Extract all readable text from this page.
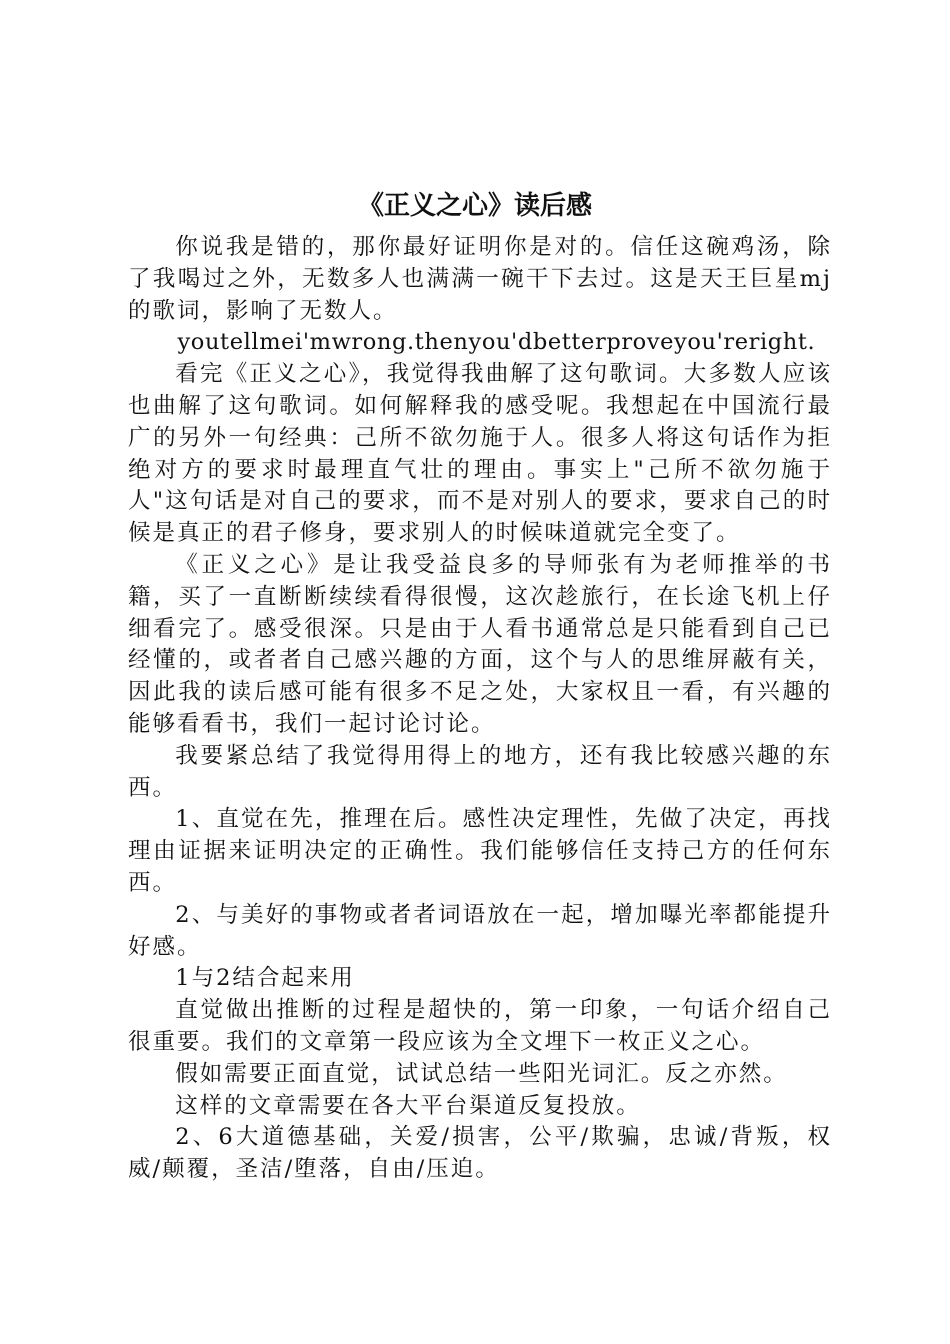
《正义之心》读后感

你说我是错的，那你最好证明你是对的。信任这碗鸡汤，除了我喝过之外，无数多人也满满一碗干下去过。这是天王巨星mj的歌词，影响了无数人。

youtellmei'mwrong.thenyou'dbetterproveyou'reright.

看完《正义之心》，我觉得我曲解了这句歌词。大多数人应该也曲解了这句歌词。如何解释我的感受呢。我想起在中国流行最广的另外一句经典：己所不欲勿施于人。很多人将这句话作为拒绝对方的要求时最理直气壮的理由。事实上"己所不欲勿施于人"这句话是对自己的要求，而不是对别人的要求，要求自己的时候是真正的君子修身，要求别人的时候味道就完全变了。

《正义之心》是让我受益良多的导师张有为老师推举的书籍，买了一直断断续续看得很慢，这次趁旅行，在长途飞机上仔细看完了。感受很深。只是由于人看书通常总是只能看到自己已经懂的，或者者自己感兴趣的方面，这个与人的思维屏蔽有关，因此我的读后感可能有很多不足之处，大家权且一看，有兴趣的能够看看书，我们一起讨论讨论。

我要紧总结了我觉得用得上的地方，还有我比较感兴趣的东西。

1、直觉在先，推理在后。感性决定理性，先做了决定，再找理由证据来证明决定的正确性。我们能够信任支持己方的任何东西。

2、与美好的事物或者者词语放在一起，增加曝光率都能提升好感。

1与2结合起来用

直觉做出推断的过程是超快的，第一印象，一句话介绍自己很重要。我们的文章第一段应该为全文埋下一枚正义之心。

假如需要正面直觉，试试总结一些阳光词汇。反之亦然。

这样的文章需要在各大平台渠道反复投放。

2、6大道德基础，关爱/损害，公平/欺骗，忠诚/背叛，权威/颠覆，圣洁/堕落，自由/压迫。
